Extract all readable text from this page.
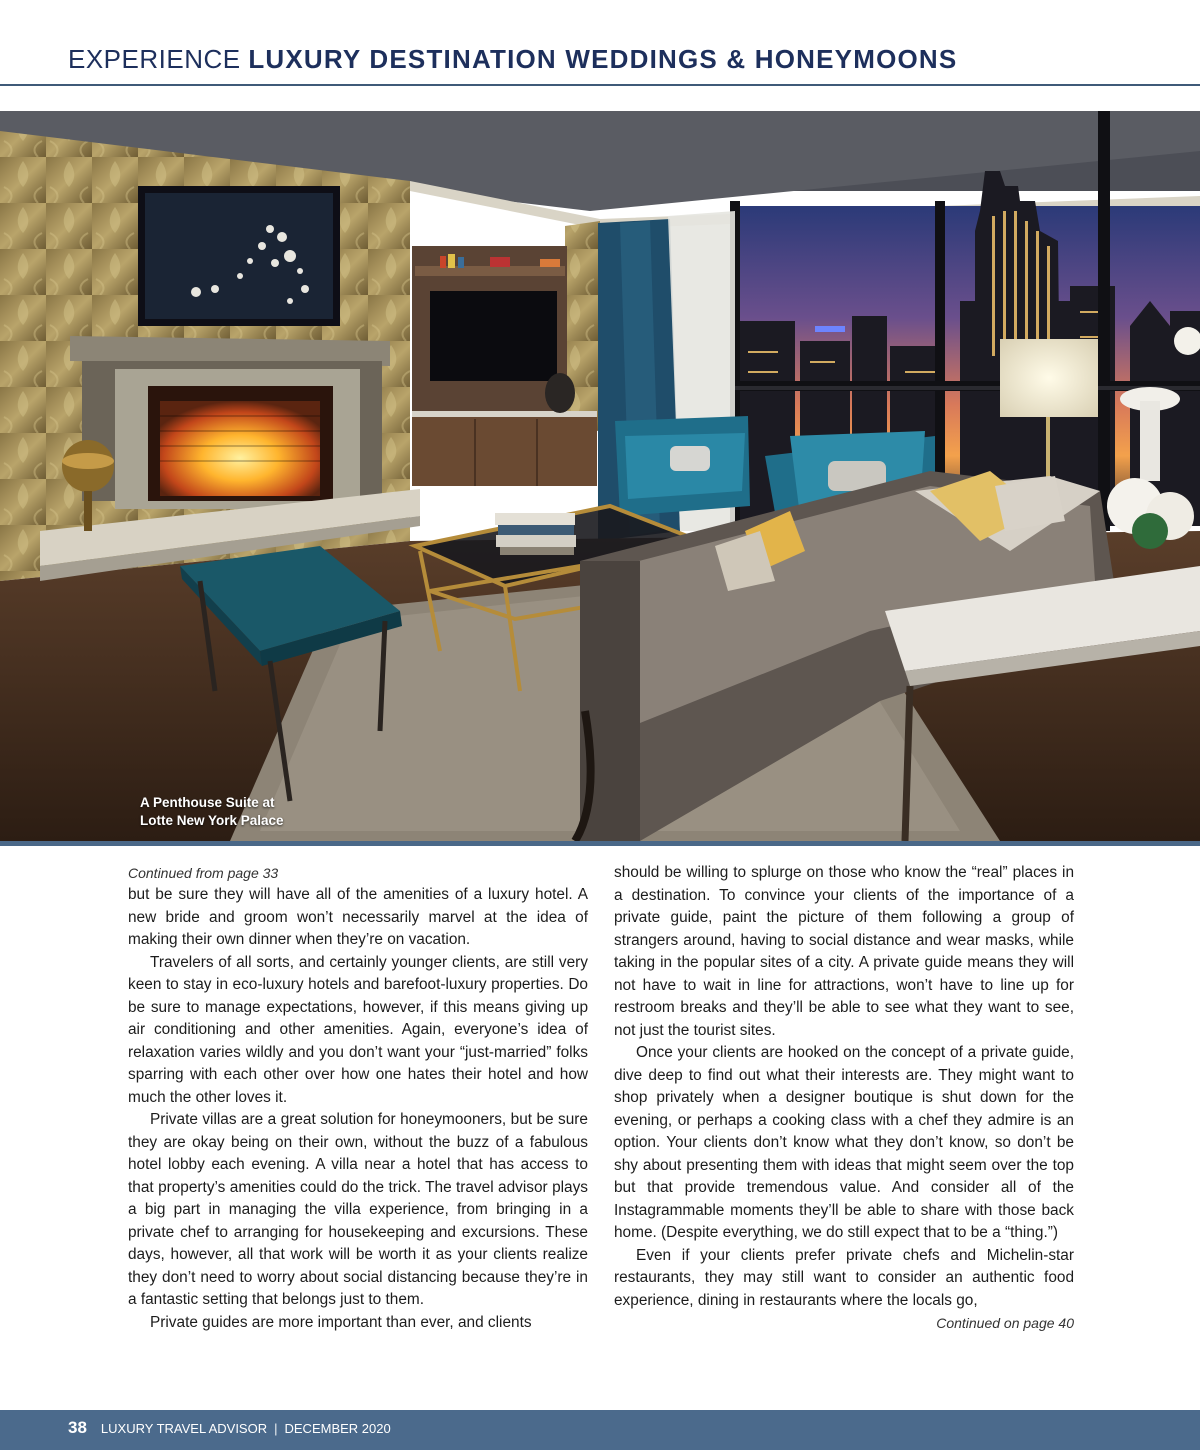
EXPERIENCE LUXURY DESTINATION WEDDINGS & HONEYMOONS
A Penthouse Suite at
Lotte New York Palace
Continued from page 33

but be sure they will have all of the amenities of a luxury hotel. A new bride and groom won’t necessarily marvel at the idea of making their own dinner when they’re on vacation.

Travelers of all sorts, and certainly younger clients, are still very keen to stay in eco-luxury hotels and barefoot-luxury properties. Do be sure to manage expectations, however, if this means giving up air conditioning and other amenities. Again, everyone’s idea of relaxation varies wildly and you don’t want your “just-married” folks sparring with each other over how one hates their hotel and how much the other loves it.

Private villas are a great solution for honeymooners, but be sure they are okay being on their own, without the buzz of a fabulous hotel lobby each evening. A villa near a hotel that has access to that property’s amenities could do the trick. The travel advisor plays a big part in managing the villa experience, from bringing in a private chef to arranging for housekeeping and excursions. These days, however, all that work will be worth it as your clients realize they don’t need to worry about social distancing because they’re in a fantastic setting that belongs just to them.

Private guides are more important than ever, and clients

should be willing to splurge on those who know the “real” places in a destination. To convince your clients of the importance of a private guide, paint the picture of them following a group of strangers around, having to social distance and wear masks, while taking in the popular sites of a city. A private guide means they will not have to wait in line for attractions, won’t have to line up for restroom breaks and they’ll be able to see what they want to see, not just the tourist sites.

Once your clients are hooked on the concept of a private guide, dive deep to find out what their interests are. They might want to shop privately when a designer boutique is shut down for the evening, or perhaps a cooking class with a chef they admire is an option. Your clients don’t know what they don’t know, so don’t be shy about presenting them with ideas that might seem over the top but that provide tremendous value. And consider all of the Instagrammable moments they’ll be able to share with those back home. (Despite everything, we do still expect that to be a “thing.”)

Even if your clients prefer private chefs and Michelin-star restaurants, they may still want to consider an authentic food experience, dining in restaurants where the locals go,

Continued on page 40
38 LUXURY TRAVEL ADVISOR | DECEMBER 2020
